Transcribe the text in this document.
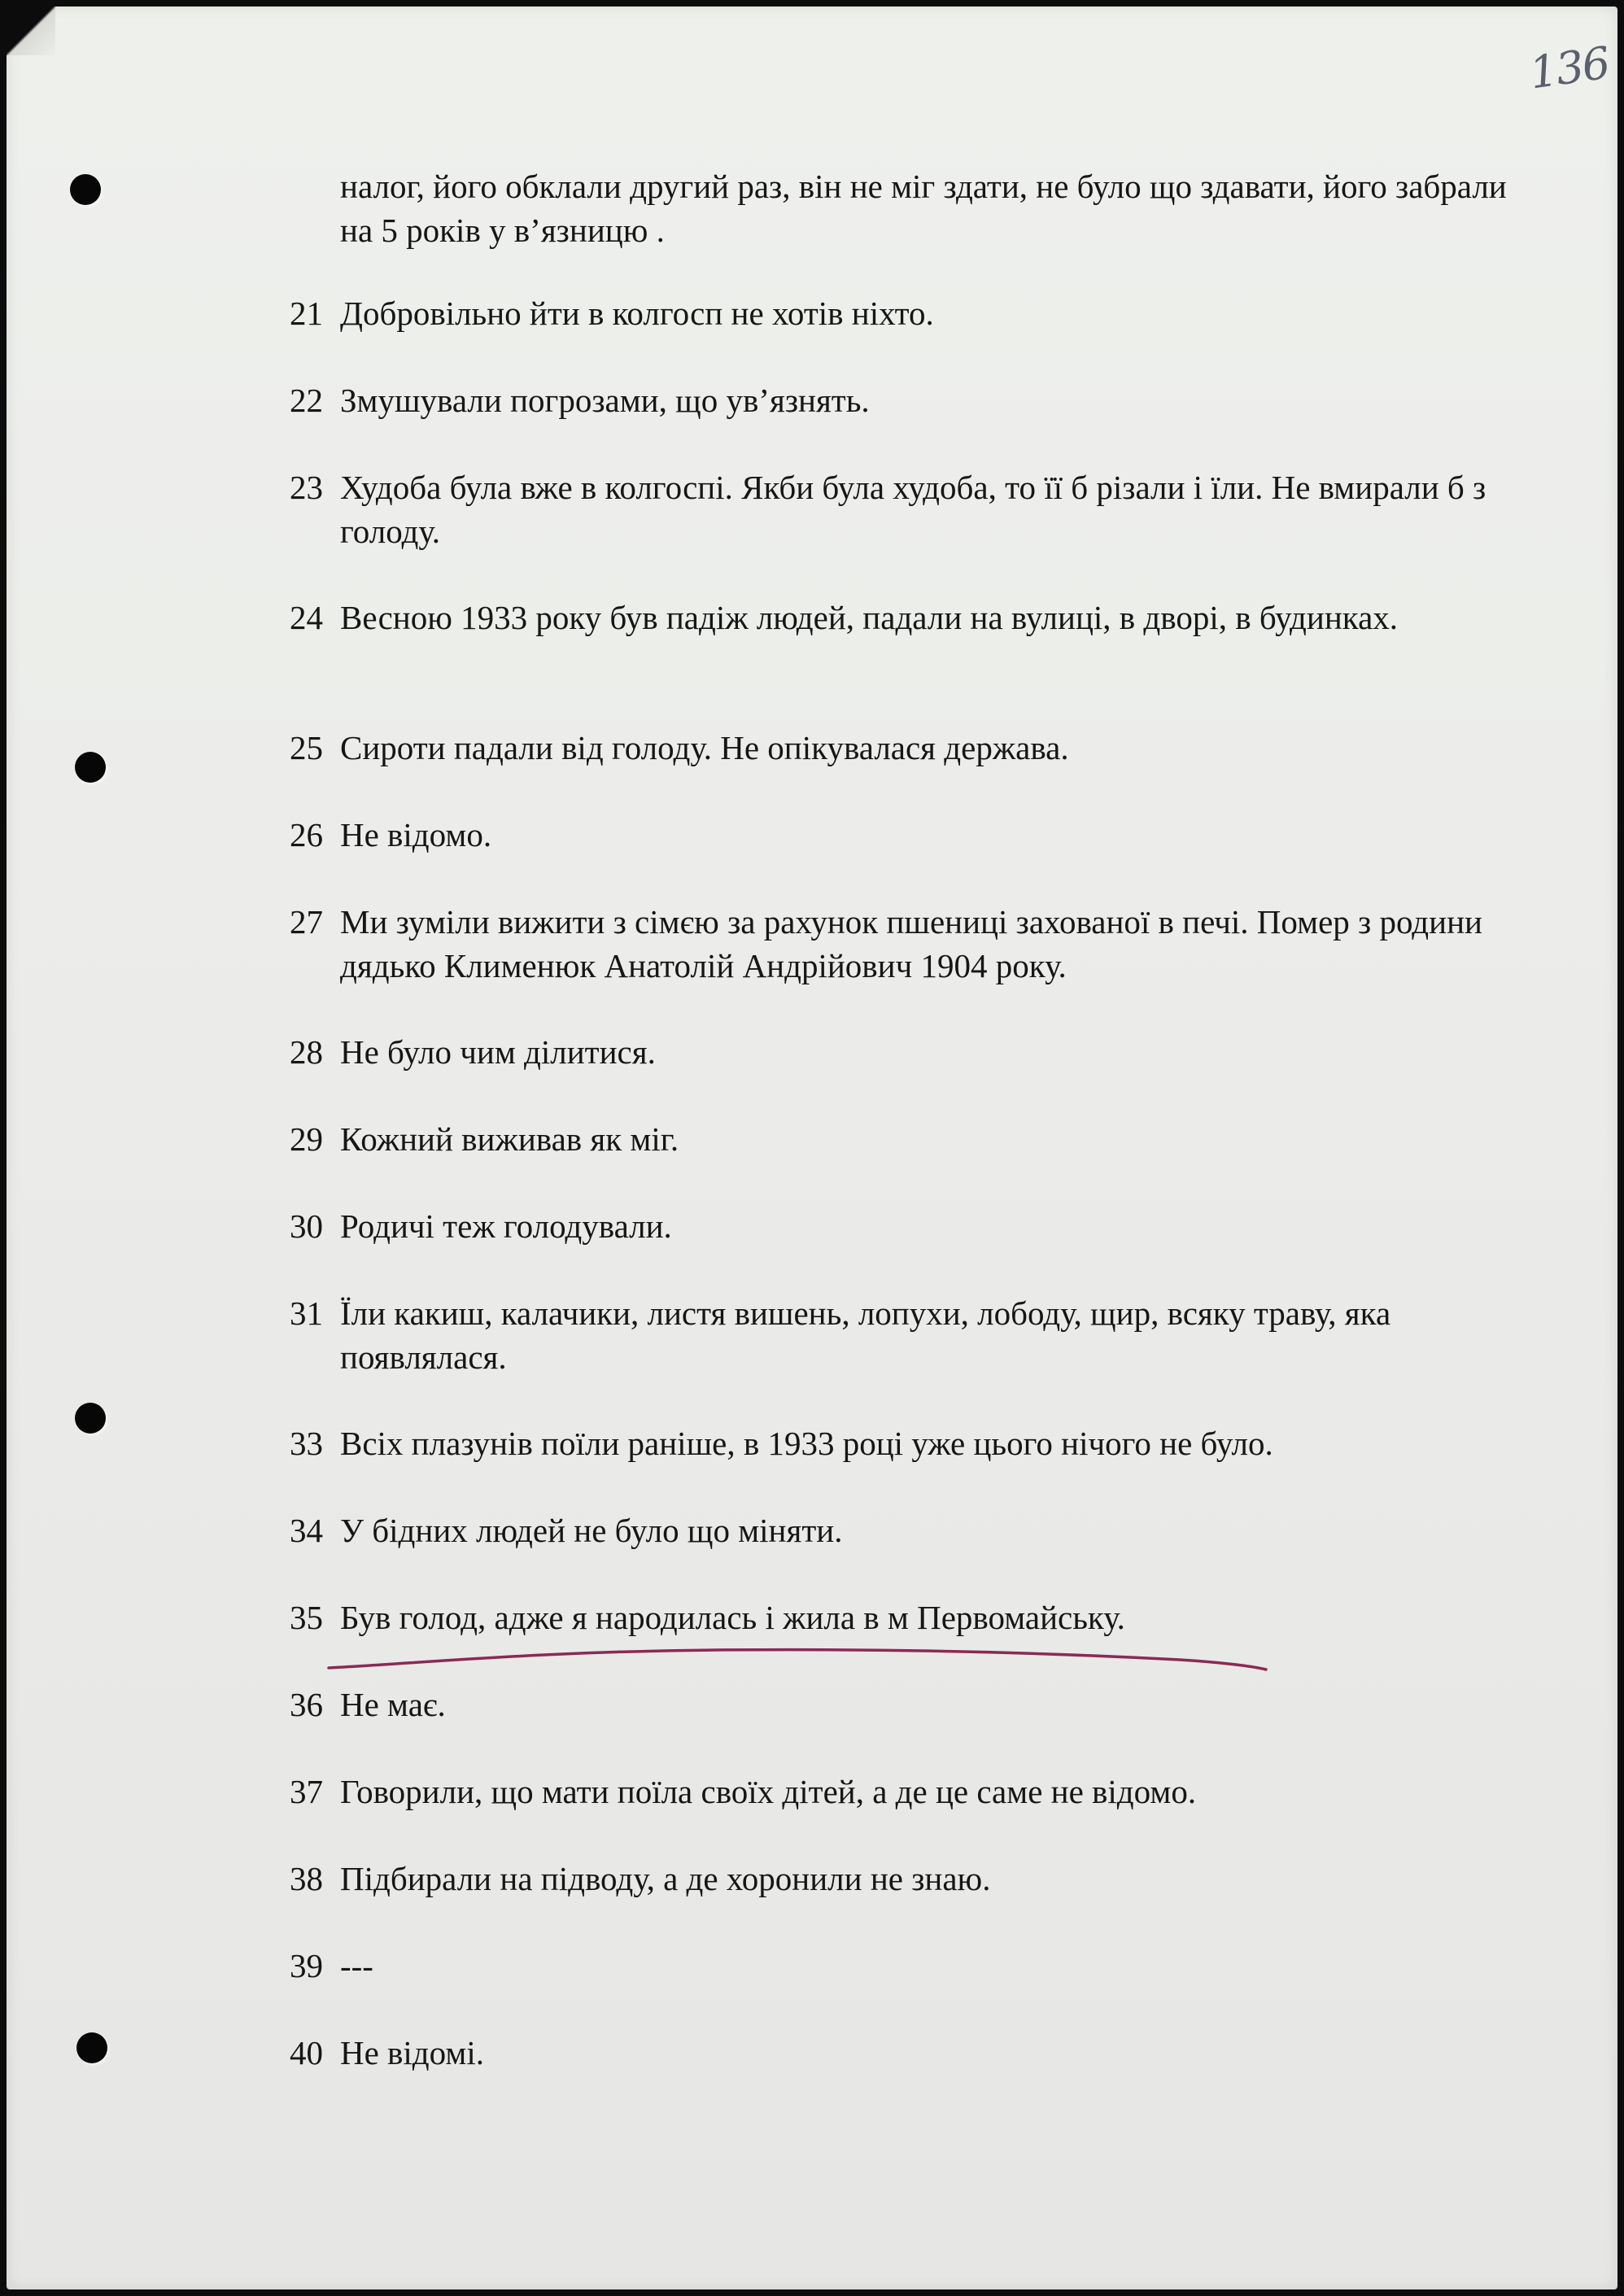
136
налог, його обклали другий раз, він не міг здати, не було що здавати, його забрали на 5 років у в’язницю .
21 Добровільно йти в колгосп не хотів ніхто.
22 Змушували погрозами, що ув’язнять.
23 Худоба була вже в колгоспі. Якби була худоба, то її б різали і їли. Не вмирали б з голоду.
24 Весною 1933 року був падіж людей, падали на вулиці, в дворі, в будинках.
25 Сироти падали від голоду. Не опікувалася держава.
26 Не відомо.
27 Ми зуміли вижити з сімєю за рахунок пшениці захованої в печі. Помер з родини дядько Клименюк Анатолій Андрійович 1904 року.
28 Не було чим ділитися.
29 Кожний виживав як міг.
30 Родичі теж голодували.
31 Їли какиш, калачики, листя вишень, лопухи, лободу, щир, всяку траву, яка появлялася.
33 Всіх плазунів поїли раніше, в 1933 році уже цього нічого не було.
34 У бідних людей не було що міняти.
35 Був голод, адже я народилась і жила в м Первомайську.
36 Не має.
37 Говорили, що мати поїла своїх дітей, а де це саме не відомо.
38 Підбирали на підводу, а де хоронили не знаю.
39 ---
40 Не відомі.
